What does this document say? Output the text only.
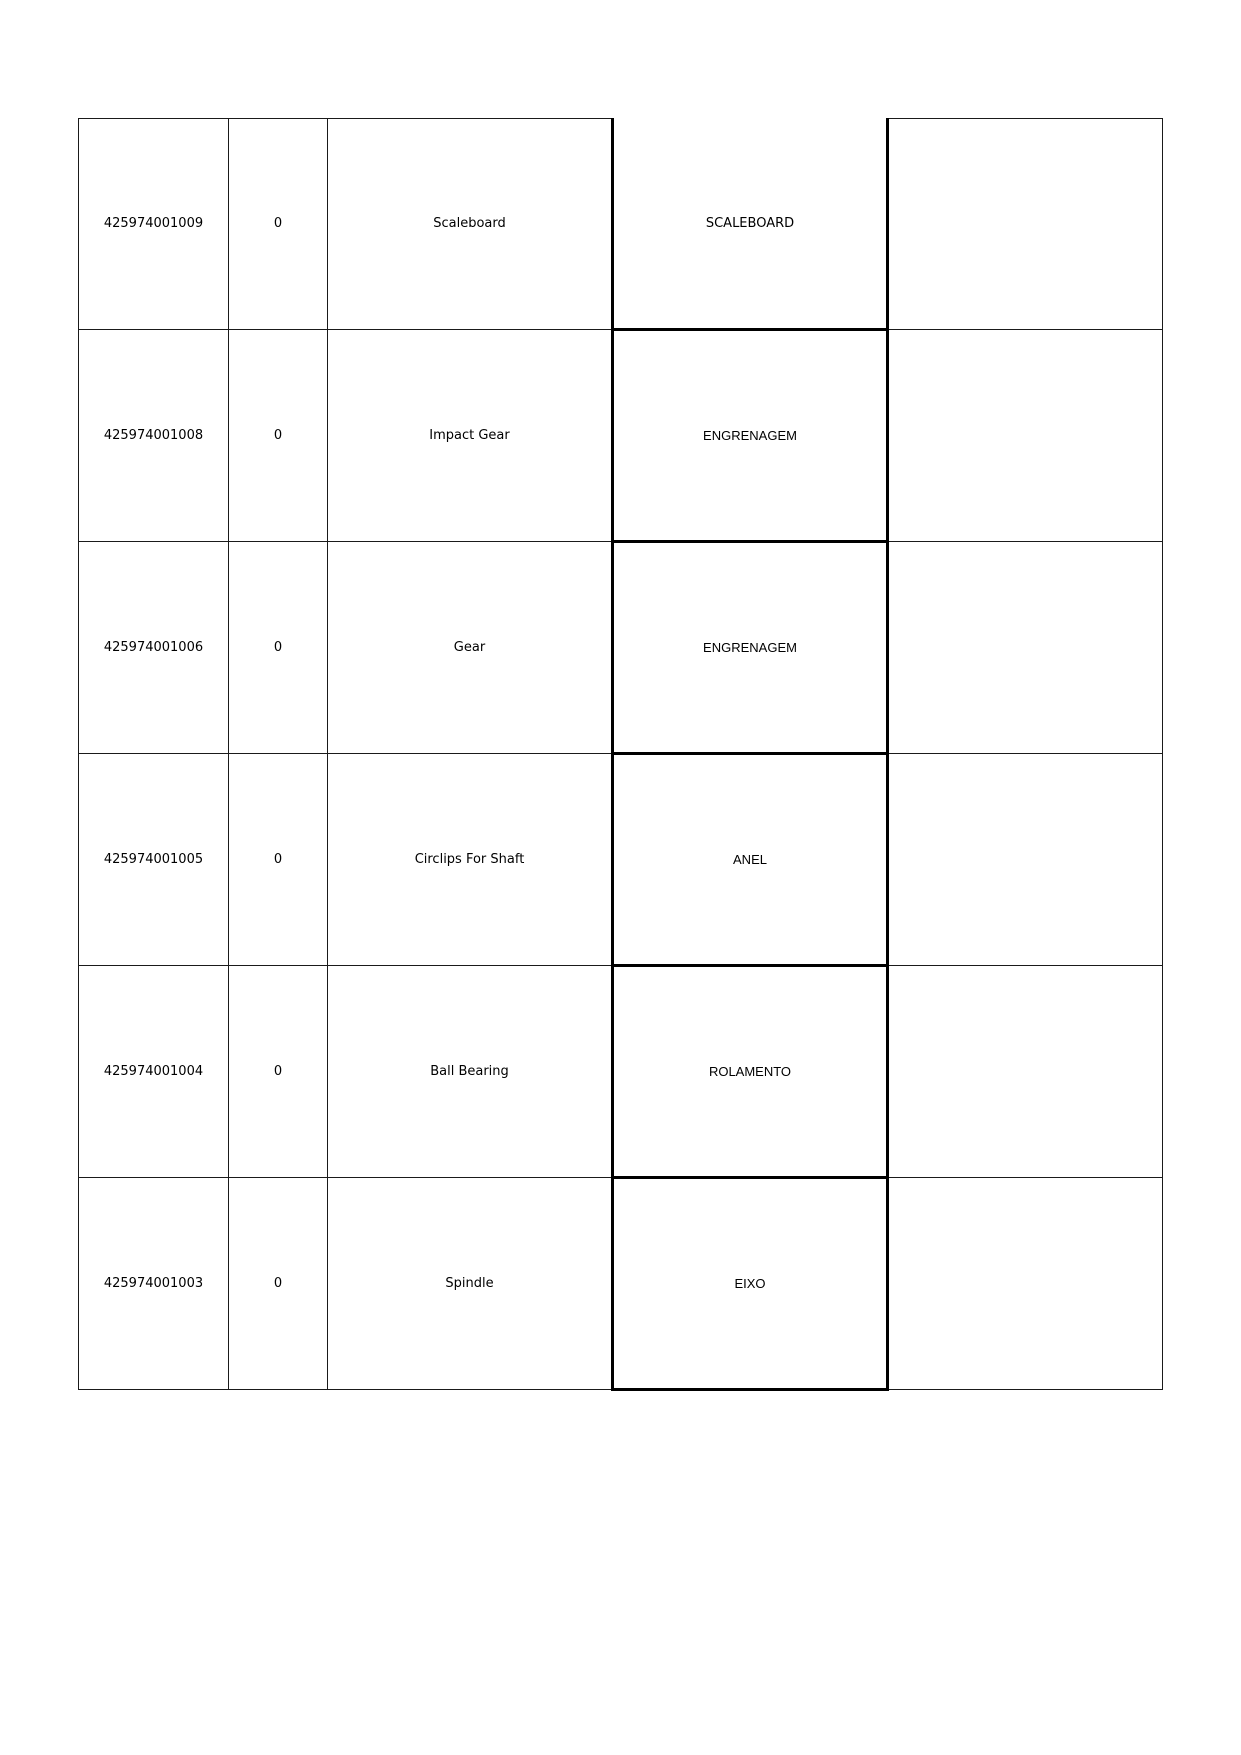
425974001009	0	Scaleboard	SCALEBOARD	
425974001008	0	Impact Gear	ENGRENAGEM	
425974001006	0	Gear	ENGRENAGEM	
425974001005	0	Circlips For Shaft	ANEL	
425974001004	0	Ball Bearing	ROLAMENTO	
425974001003	0	Spindle	EIXO	
